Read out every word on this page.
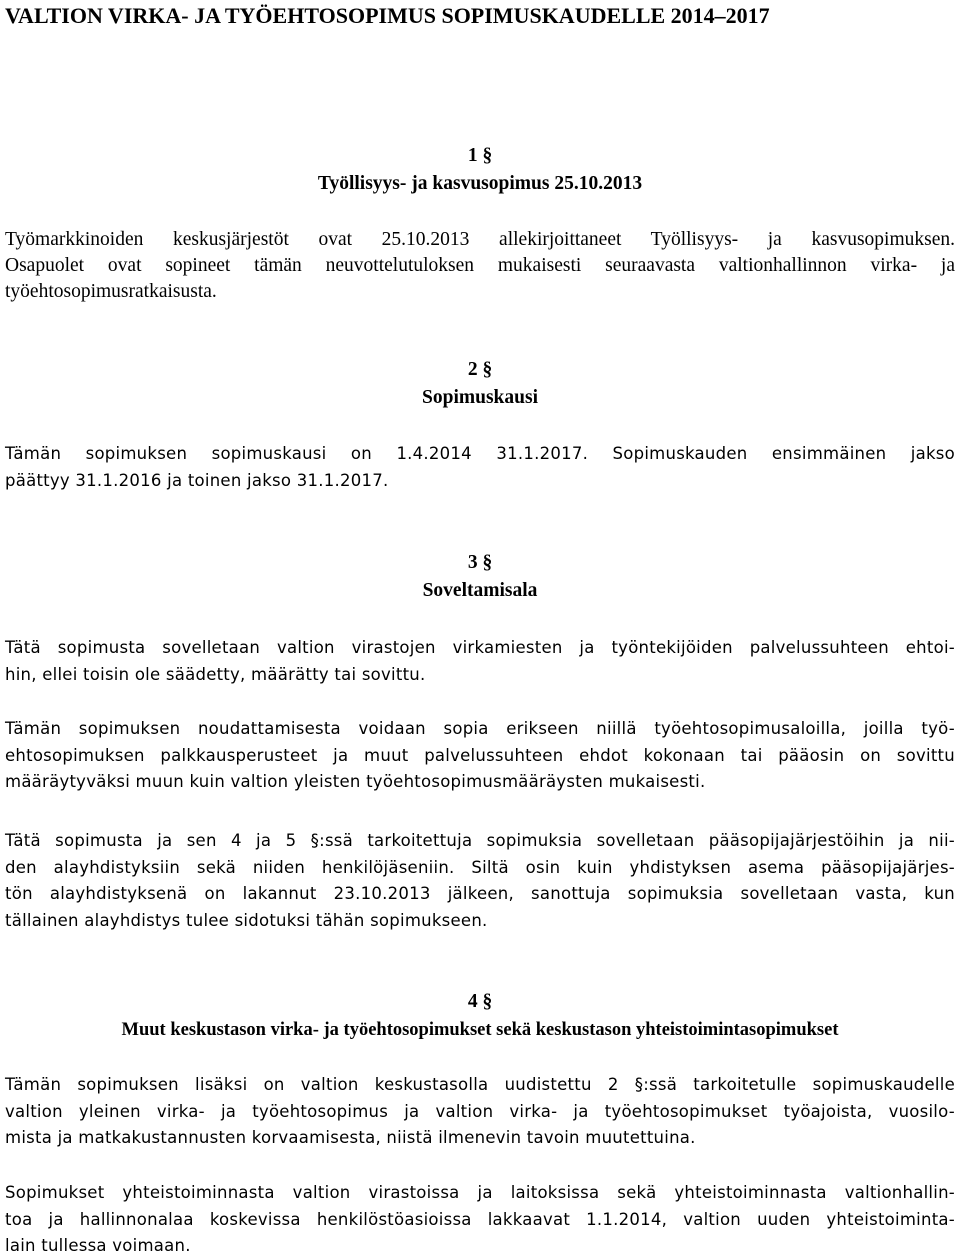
VALTION VIRKA- JA TYÖEHTOSOPIMUS SOPIMUSKAUDELLE 2014–2017
1 §
Työllisyys- ja kasvusopimus 25.10.2013
Työmarkkinoiden keskusjärjestöt ovat 25.10.2013 allekirjoittaneet Työllisyys- ja kasvusopimuksen.
Osapuolet ovat sopineet tämän neuvottelutuloksen mukaisesti seuraavasta valtionhallinnon virka- ja
työehtosopimusratkaisusta.
2 §
Sopimuskausi
Tämän sopimuksen sopimuskausi on 1.4.2014 31.1.2017. Sopimuskauden ensimmäinen jakso
päättyy 31.1.2016 ja toinen jakso 31.1.2017.
3 §
Soveltamisala
Tätä sopimusta sovelletaan valtion virastojen virkamiesten ja työntekijöiden palvelussuhteen ehtoi-
hin, ellei toisin ole säädetty, määrätty tai sovittu.
Tämän sopimuksen noudattamisesta voidaan sopia erikseen niillä työehtosopimusaloilla, joilla työ-
ehtosopimuksen palkkausperusteet ja muut palvelussuhteen ehdot kokonaan tai pääosin on sovittu
määräytyväksi muun kuin valtion yleisten työehtosopimusmääräysten mukaisesti.
Tätä sopimusta ja sen 4 ja 5 §:ssä tarkoitettuja sopimuksia sovelletaan pääsopijajärjestöihin ja nii-
den alayhdistyksiin sekä niiden henkilöjäseniin. Siltä osin kuin yhdistyksen asema pääsopijajärjes-
tön alayhdistyksenä on lakannut 23.10.2013 jälkeen, sanottuja sopimuksia sovelletaan vasta, kun
tällainen alayhdistys tulee sidotuksi tähän sopimukseen.
4 §
Muut keskustason virka- ja työehtosopimukset sekä keskustason yhteistoimintasopimukset
Tämän sopimuksen lisäksi on valtion keskustasolla uudistettu 2 §:ssä tarkoitetulle sopimuskaudelle
valtion yleinen virka- ja työehtosopimus ja valtion virka- ja työehtosopimukset työajoista, vuosilo-
mista ja matkakustannusten korvaamisesta, niistä ilmenevin tavoin muutettuina.
Sopimukset yhteistoiminnasta valtion virastoissa ja laitoksissa sekä yhteistoiminnasta valtionhallin-
toa ja hallinnonalaa koskevissa henkilöstöasioissa lakkaavat 1.1.2014, valtion uuden yhteistoiminta-
lain tullessa voimaan.
